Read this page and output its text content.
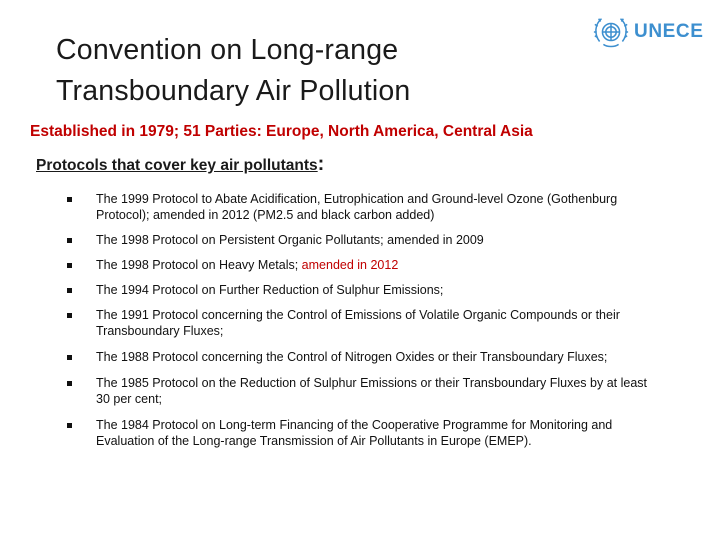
Convention on Long-range
Transboundary Air Pollution
UNECE
Established in 1979; 51 Parties: Europe, North America, Central Asia
Protocols that cover key air pollutants:
The 1999 Protocol to Abate Acidification, Eutrophication and Ground-level Ozone (Gothenburg Protocol); amended in 2012 (PM2.5 and black carbon added)
The 1998 Protocol on Persistent Organic Pollutants; amended in 2009
The 1998 Protocol on Heavy Metals; amended in 2012
The 1994 Protocol on Further Reduction of Sulphur Emissions;
The 1991 Protocol concerning the Control of Emissions of Volatile Organic Compounds or their Transboundary Fluxes;
The 1988 Protocol concerning the Control of Nitrogen Oxides or their Transboundary Fluxes;
The 1985 Protocol on the Reduction of Sulphur Emissions or their Transboundary Fluxes by at least 30 per cent;
The 1984 Protocol on Long-term Financing of the Cooperative Programme for Monitoring and Evaluation of the Long-range Transmission of Air Pollutants in Europe (EMEP).
